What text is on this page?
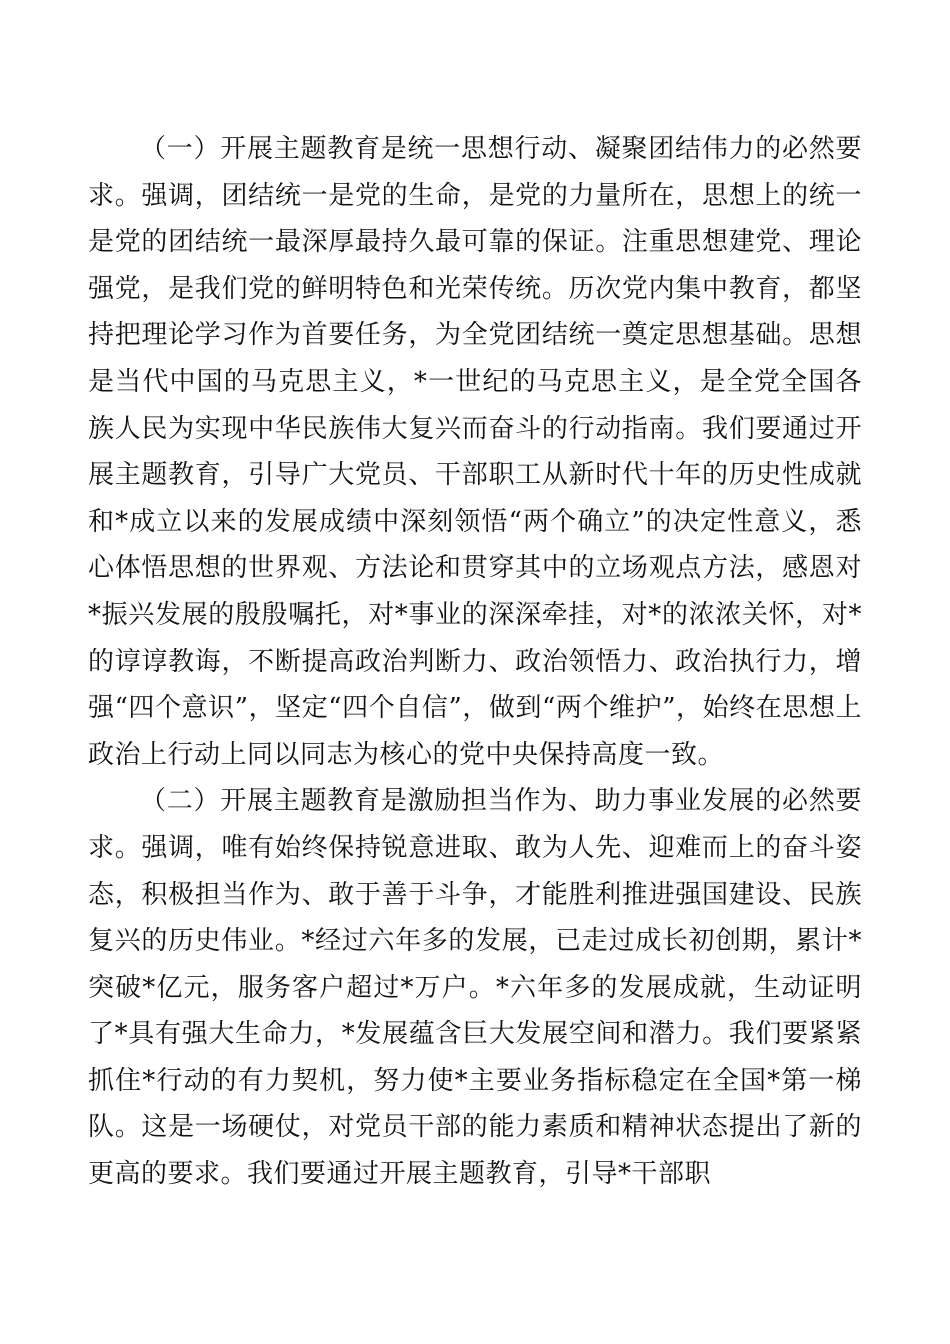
（一）开展主题教育是统一思想行动、凝聚团结伟力的必然要求。强调，团结统一是党的生命，是党的力量所在，思想上的统一是党的团结统一最深厚最持久最可靠的保证。注重思想建党、理论强党，是我们党的鲜明特色和光荣传统。历次党内集中教育，都坚持把理论学习作为首要任务，为全党团结统一奠定思想基础。思想是当代中国的马克思主义，*一世纪的马克思主义，是全党全国各族人民为实现中华民族伟大复兴而奋斗的行动指南。我们要通过开展主题教育，引导广大党员、干部职工从新时代十年的历史性成就和*成立以来的发展成绩中深刻领悟“两个确立”的决定性意义，悉心体悟思想的世界观、方法论和贯穿其中的立场观点方法，感恩对*振兴发展的殷殷嘱托，对*事业的深深牵挂，对*的浓浓关怀，对*的谆谆教诲，不断提高政治判断力、政治领悟力、政治执行力，增强“四个意识”，坚定“四个自信”，做到“两个维护”，始终在思想上政治上行动上同以同志为核心的党中央保持高度一致。

（二）开展主题教育是激励担当作为、助力事业发展的必然要求。强调，唯有始终保持锐意进取、敢为人先、迎难而上的奋斗姿态，积极担当作为、敢于善于斗争，才能胜利推进强国建设、民族复兴的历史伟业。*经过六年多的发展，已走过成长初创期，累计*突破*亿元，服务客户超过*万户。*六年多的发展成就，生动证明了*具有强大生命力，*发展蕴含巨大发展空间和潜力。我们要紧紧抓住*行动的有力契机，努力使*主要业务指标稳定在全国*第一梯队。这是一场硬仗，对党员干部的能力素质和精神状态提出了新的更高的要求。我们要通过开展主题教育，引导*干部职
